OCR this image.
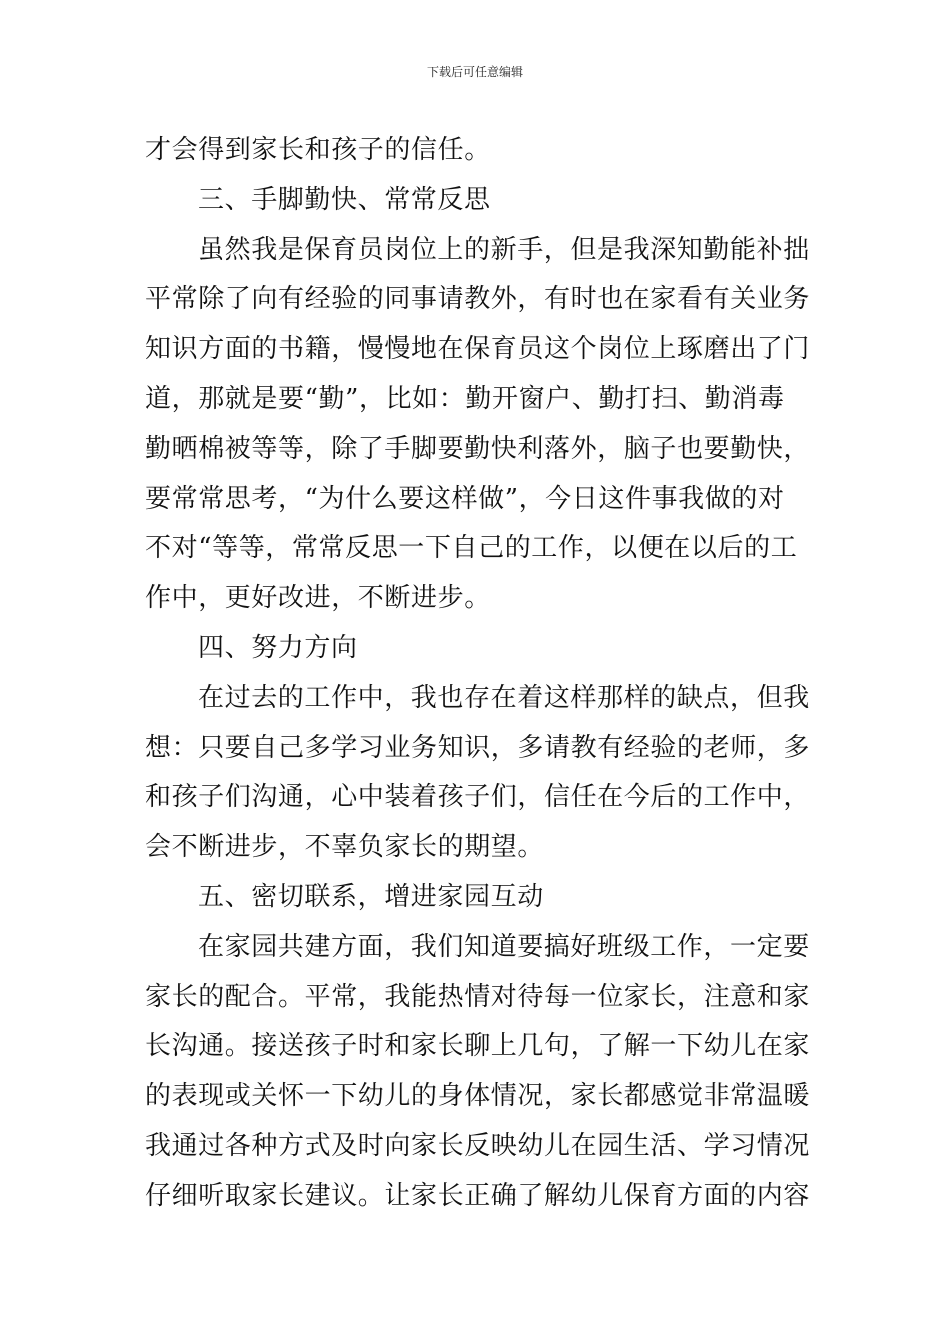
下载后可任意编辑
才会得到家长和孩子的信任。
三、手脚勤快、常常反思
虽然我是保育员岗位上的新手，但是我深知勤能补拙
平常除了向有经验的同事请教外，有时也在家看有关业务
知识方面的书籍，慢慢地在保育员这个岗位上琢磨出了门
道，那就是要“勤”，比如：勤开窗户、勤打扫、勤消毒
勤晒棉被等等，除了手脚要勤快利落外，脑子也要勤快，
要常常思考，“为什么要这样做”，今日这件事我做的对
不对“等等，常常反思一下自己的工作，以便在以后的工
作中，更好改进，不断进步。
四、努力方向
在过去的工作中，我也存在着这样那样的缺点，但我
想：只要自己多学习业务知识，多请教有经验的老师，多
和孩子们沟通，心中装着孩子们，信任在今后的工作中，
会不断进步，不辜负家长的期望。
五、密切联系，增进家园互动
在家园共建方面，我们知道要搞好班级工作，一定要
家长的配合。平常，我能热情对待每一位家长，注意和家
长沟通。接送孩子时和家长聊上几句，了解一下幼儿在家
的表现或关怀一下幼儿的身体情况，家长都感觉非常温暖
我通过各种方式及时向家长反映幼儿在园生活、学习情况
仔细听取家长建议。让家长正确了解幼儿保育方面的内容
